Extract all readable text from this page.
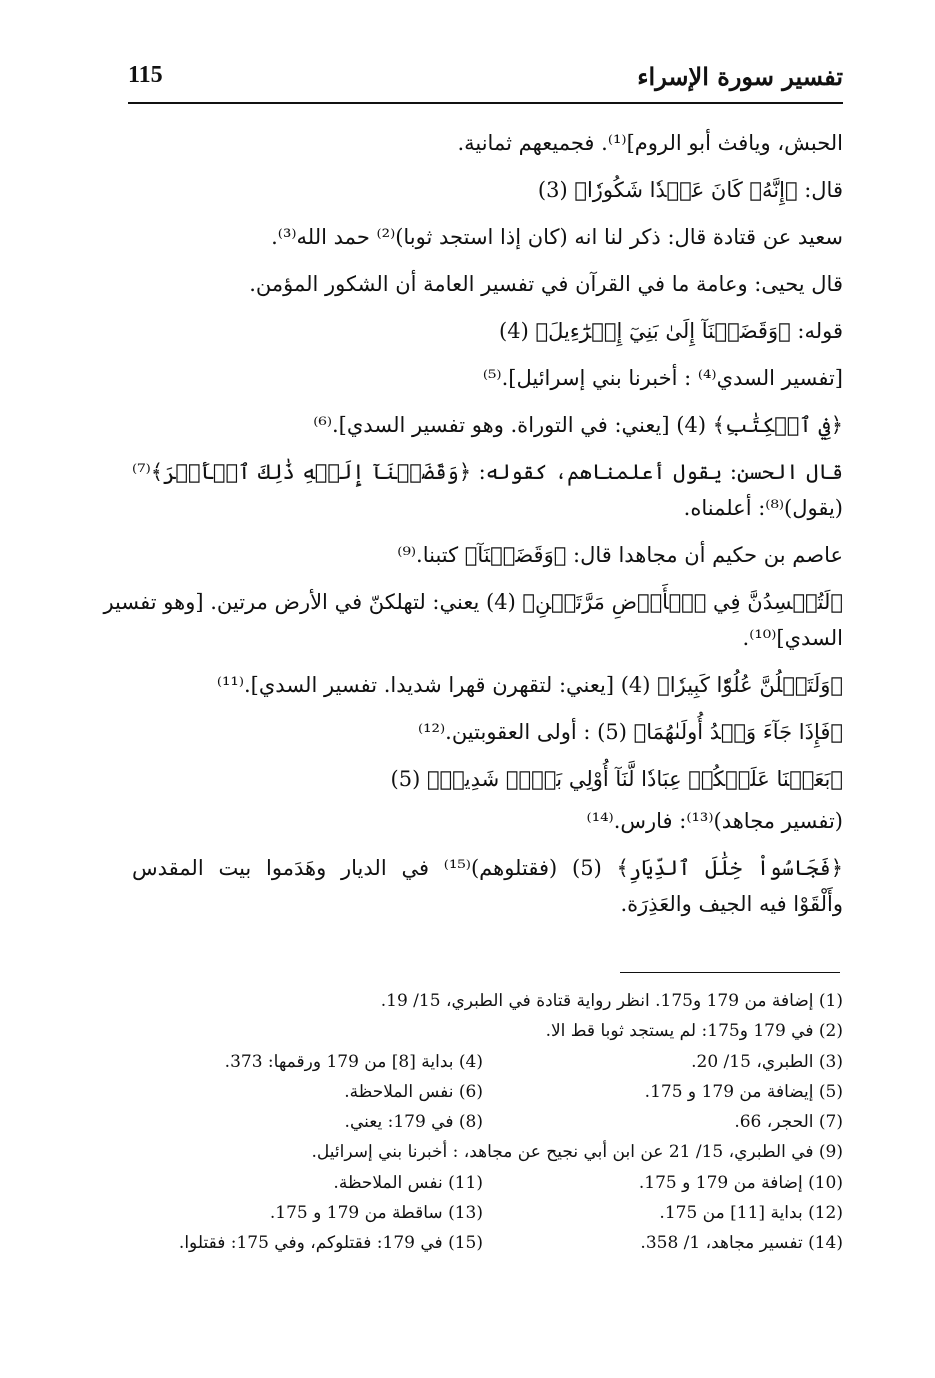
115	تفسير سورة الإسراء
الحبش، ويافث أبو الروم]⁽¹⁾. فجميعهم ثمانية.
قال: ﴿إِنَّهُۥ كَانَ عَبۡدٗا شَكُورٗا﴾ (3)
سعيد عن قتادة قال: ذكر لنا انه (كان إذا استجد ثوبا)⁽²⁾ حمد الله⁽³⁾.
قال يحيى: وعامة ما في القرآن في تفسير العامة أن الشكور المؤمن.
قوله: ﴿وَقَضَيۡنَآ إِلَىٰ بَنِيٓ إِسۡرَٰٓءِيلَ﴾ (4)
[تفسير السدي⁽⁴⁾ : أخبرنا بني إسرائيل].⁽⁵⁾
﴿فِي ٱلۡكِتَٰبِ﴾ (4) [يعني: في التوراة. وهو تفسير السدي].⁽⁶⁾
قال الحسن: يقول أعلمناهم، كقوله: ﴿وَقَضَيۡنَآ إِلَيۡهِ ذَٰلِكَ ٱلۡأَمۡرَ﴾⁽⁷⁾
(يقول)⁽⁸⁾: أعلمناه.
عاصم بن حكيم أن مجاهدا قال: ﴿وَقَضَيۡنَآ﴾ كتبنا.⁽⁹⁾
﴿لَتُفۡسِدُنَّ فِي ٱلۡأَرۡضِ مَرَّتَيۡنِ﴾ (4) يعني: لتهلكنّ في الأرض مرتين. [وهو تفسير
السدي]⁽¹⁰⁾.
﴿وَلَتَعۡلُنَّ عُلُوّٗا كَبِيرٗا﴾ (4) [يعني: لتقهرن قهرا شديدا. تفسير السدي].⁽¹¹⁾
﴿فَإِذَا جَآءَ وَعۡدُ أُولَىٰهُمَا﴾ (5) : أولى العقوبتين.⁽¹²⁾
﴿بَعَثۡنَا عَلَيۡكُمۡ عِبَادٗا لَّنَآ أُوْلِي بَأۡسٖ شَدِيدٖ﴾ (5)
(تفسير مجاهد)⁽¹³⁾: فارس.⁽¹⁴⁾
﴿فَجَاسُواْ خِلَٰلَ ٱلدِّيَارِ﴾ (5) (فقتلوهم)⁽¹⁵⁾ في الديار وهَدَموا بيت المقدس
وأَلْقَوْا فيه الجيف والعَذِرَة.
(1) إضافة من 179 و175. انظر رواية قتادة في الطبري، 15/ 19.
(2) في 179 و175: لم يستجد ثوبا قط الا.
(3) الطبري، 15/ 20.
(4) بداية [8] من 179 ورقمها: 373.
(5) إيضافة من 179 و 175.
(6) نفس الملاحظة.
(7) الحجر، 66.
(8) في 179: يعني.
(9) في الطبري، 15/ 21 عن ابن أبي نجيح عن مجاهد، : أخبرنا بني إسرائيل.
(10) إضافة من 179 و 175.
(11) نفس الملاحظة.
(12) بداية [11] من 175.
(13) ساقطة من 179 و 175.
(14) تفسير مجاهد، 1/ 358.
(15) في 179: فقتلوكم، وفي 175: فقتلوا.
